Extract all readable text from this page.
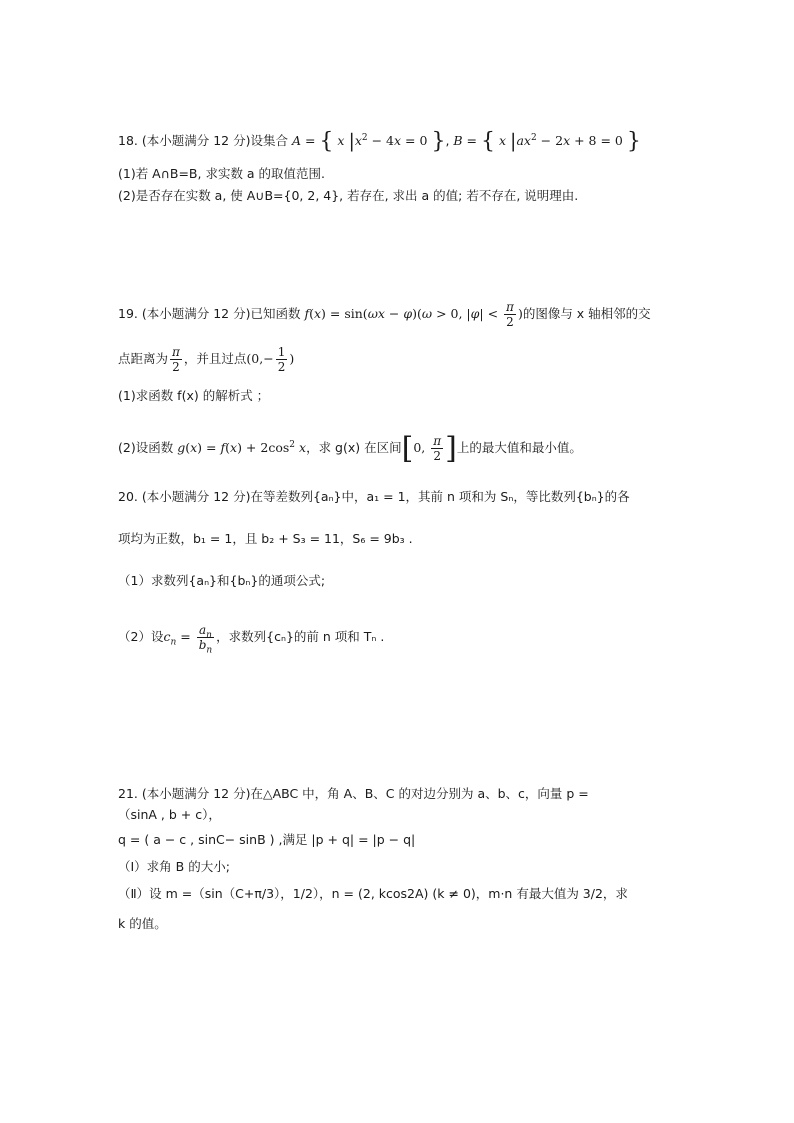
18. (本小题满分 12 分)设集合 A = { x $|x^2 - 4x = 0$ }, B = { x $|ax^2 - 2x + 8 = 0$ }
(1)若 A∩B=B, 求实数 a 的取值范围.
(2)是否存在实数 a, 使 A∪B={0, 2, 4}, 若存在, 求出 a 的值; 若不存在, 说明理由.
19. (本小题满分 12 分)已知函数 f(x) = sin(ωx − φ)(ω > 0, $|\varphi| < \frac{\pi}{2}$ )的图像与 x 轴相邻的交
点距离为 $\frac{\pi}{2}$ ，并且过点($0,- \frac{1}{2}$ )
(1)求函数 f(x) 的解析式 ；
(2)设函数 $g(x) = f(x) + 2\cos^2$ x，求 g(x) 在区间[0, $\frac{\pi}{2}$ ]上的最大值和最小值。
20. (本小题满分 12 分)在等差数列{aₙ}中，a₁ = 1，其前 n 项和为 Sₙ，等比数列{bₙ}的各
项均为正数，b₁ = 1，且 b₂ + S₃ = 11，S₆ = 9b₃ .
（1）求数列{aₙ}和{bₙ}的通项公式;
（2）设$c_n = \frac{a_n}{b_n}$ ，求数列{cₙ}的前 n 项和 Tₙ .
21. (本小题满分 12 分)在△ABC 中，角 A、B、C 的对边分别为 a、b、c，向量 p =
（sinA , b + c），
q = ( a − c , sinC− sinB ) ,满足 |p + q| = |p − q|
（Ⅰ）求角 B 的大小;
（Ⅱ）设 m =（sin（C+π/3），1/2），n = (2, kcos2A) (k ≠ 0)，m·n 有最大值为 3/2，求
k 的值。
